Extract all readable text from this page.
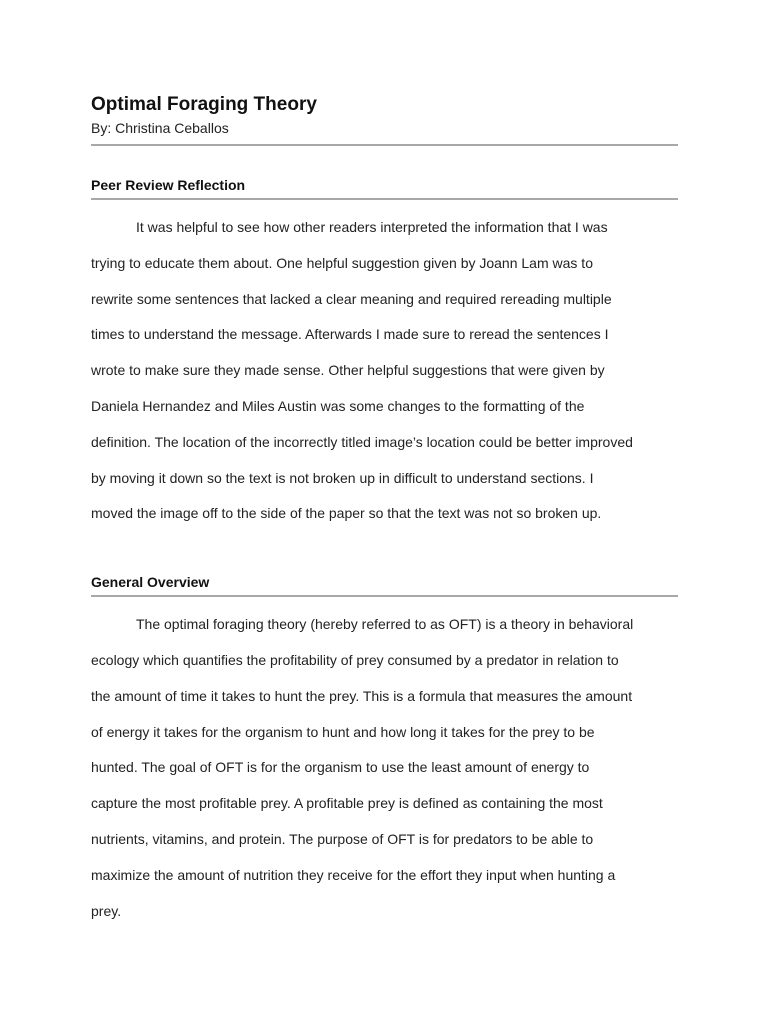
Optimal Foraging Theory

By: Christina Ceballos

Peer Review Reflection
It was helpful to see how other readers interpreted the information that I was
trying to educate them about. One helpful suggestion given by Joann Lam was to
rewrite some sentences that lacked a clear meaning and required rereading multiple
times to understand the message. Afterwards I made sure to reread the sentences I
wrote to make sure they made sense. Other helpful suggestions that were given by
Daniela Hernandez and Miles Austin was some changes to the formatting of the
definition. The location of the incorrectly titled image’s location could be better improved
by moving it down so the text is not broken up in difficult to understand sections. I
moved the image off to the side of the paper so that the text was not so broken up.
General Overview
The optimal foraging theory (hereby referred to as OFT) is a theory in behavioral
ecology which quantifies the profitability of prey consumed by a predator in relation to
the amount of time it takes to hunt the prey. This is a formula that measures the amount
of energy it takes for the organism to hunt and how long it takes for the prey to be
hunted. The goal of OFT is for the organism to use the least amount of energy to
capture the most profitable prey. A profitable prey is defined as containing the most
nutrients, vitamins, and protein. The purpose of OFT is for predators to be able to
maximize the amount of nutrition they receive for the effort they input when hunting a
prey.
